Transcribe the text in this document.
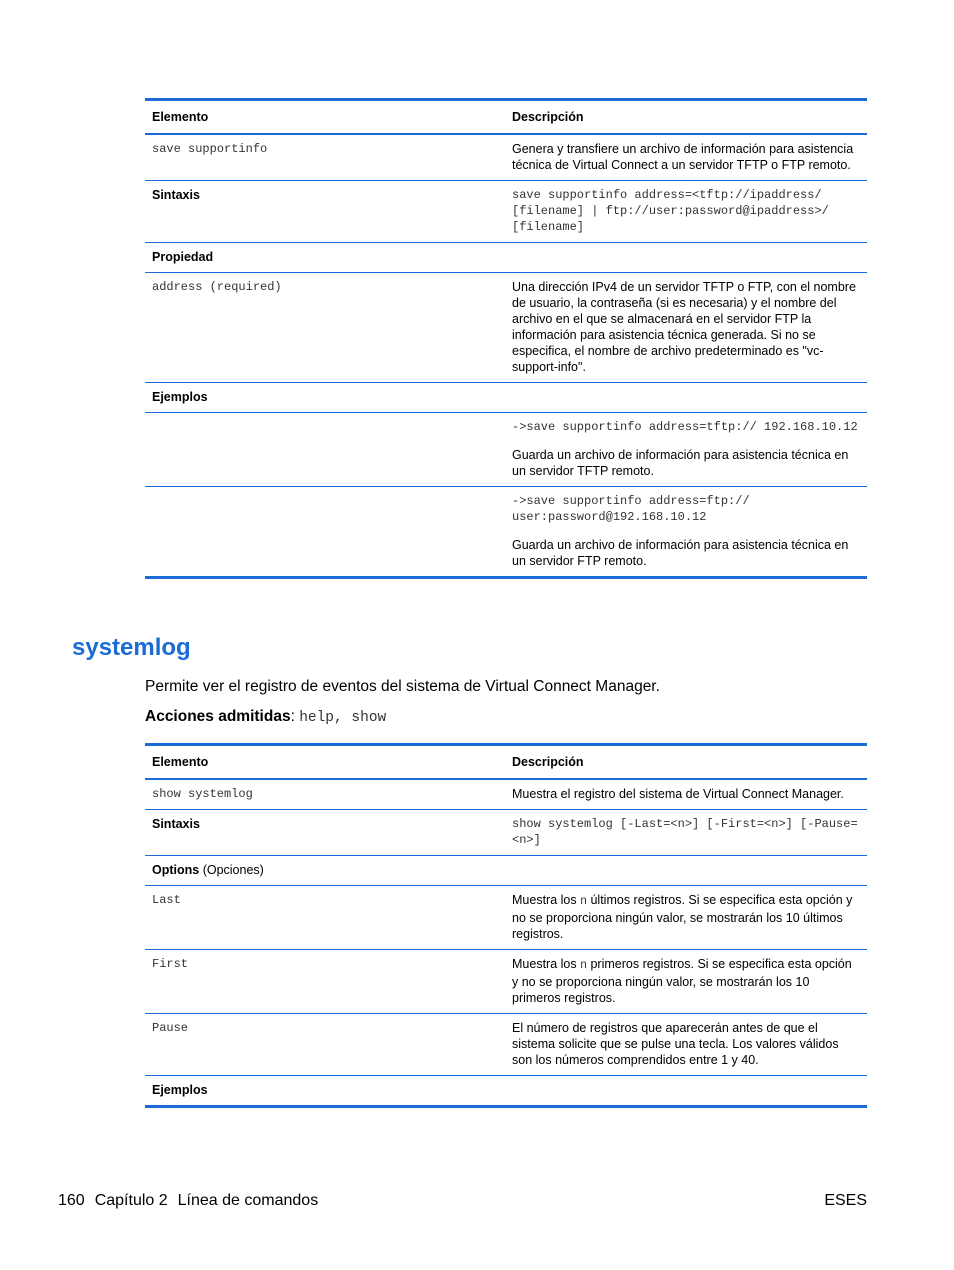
Elemento	Descripción
save supportinfo	Genera y transfiere un archivo de información para asistencia técnica de Virtual Connect a un servidor TFTP o FTP remoto.
Sintaxis	save supportinfo address=<tftp://ipaddress/ [filename] | ftp://user:password@ipaddress>/ [filename]
Propiedad	
address (required)	Una dirección IPv4 de un servidor TFTP o FTP, con el nombre de usuario, la contraseña (si es necesaria) y el nombre del archivo en el que se almacenará en el servidor FTP la información para asistencia técnica generada. Si no se especifica, el nombre de archivo predeterminado es "vc-support-info".
Ejemplos	

	->save supportinfo address=tftp:// 192.168.10.12
Guarda un archivo de información para asistencia técnica en un servidor TFTP remoto.

	->save supportinfo address=ftp:// user:password@192.168.10.12
Guarda un archivo de información para asistencia técnica en un servidor FTP remoto.
systemlog
Permite ver el registro de eventos del sistema de Virtual Connect Manager.
Acciones admitidas: help, show
Elemento	Descripción
show systemlog	Muestra el registro del sistema de Virtual Connect Manager.
Sintaxis	show systemlog [-Last=<n>] [-First=<n>] [-Pause=<n>]
Options (Opciones)	
Last	Muestra los n últimos registros. Si se especifica esta opción y no se proporciona ningún valor, se mostrarán los 10 últimos registros.
First	Muestra los n primeros registros. Si se especifica esta opción y no se proporciona ningún valor, se mostrarán los 10 primeros registros.
Pause	El número de registros que aparecerán antes de que el sistema solicite que se pulse una tecla. Los valores válidos son los números comprendidos entre 1 y 40.
Ejemplos	
160 Capítulo 2 Línea de comandos	ESES
